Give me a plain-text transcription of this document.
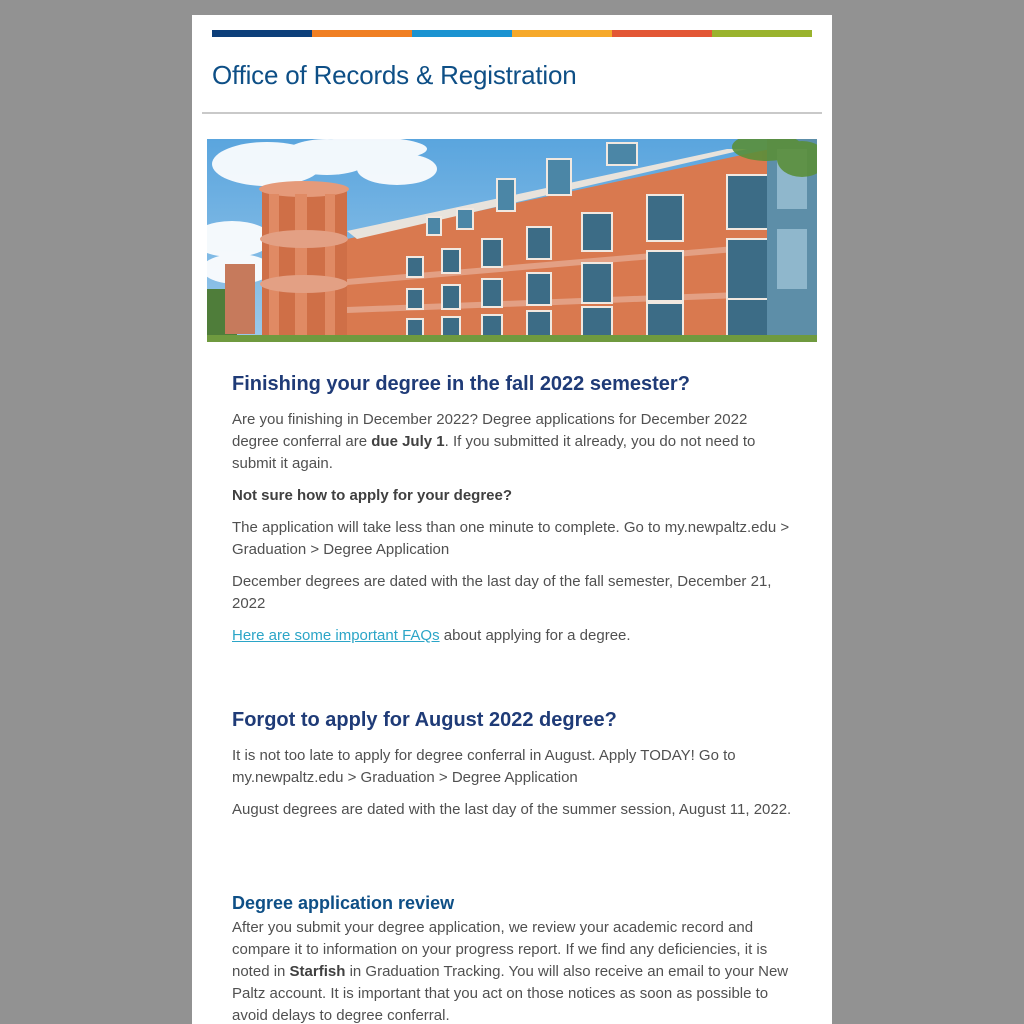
Office of Records & Registration
Finishing your degree in the fall 2022 semester?

Are you finishing in December 2022? Degree applications for December 2022 degree conferral are due July 1. If you submitted it already, you do not need to submit it again.

Not sure how to apply for your degree?

The application will take less than one minute to complete. Go to my.newpaltz.edu > Graduation > Degree Application

December degrees are dated with the last day of the fall semester, December 21, 2022

Here are some important FAQs about applying for a degree.

Forgot to apply for August 2022 degree?

It is not too late to apply for degree conferral in August. Apply TODAY! Go to my.newpaltz.edu > Graduation > Degree Application

August degrees are dated with the last day of the summer session, August 11, 2022.

Degree application review

After you submit your degree application, we review your academic record and compare it to information on your progress report. If we find any deficiencies, it is noted in Starfish in Graduation Tracking. You will also receive an email to your New Paltz account. It is important that you act on those notices as soon as possible to avoid delays to degree conferral.
